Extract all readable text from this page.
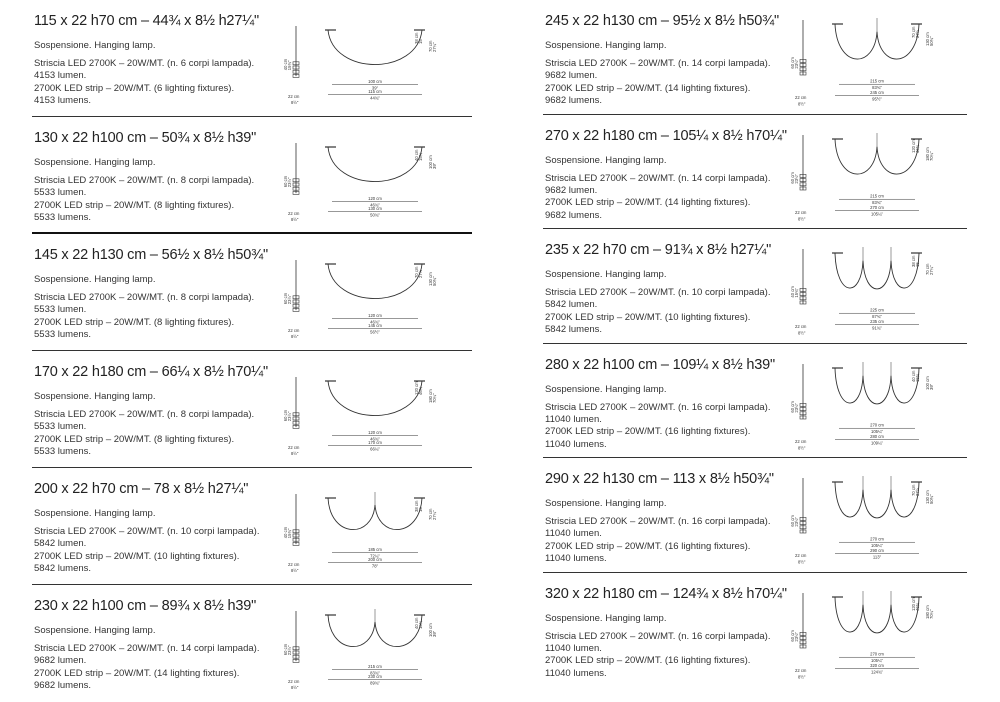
115 x 22 h70 cm – 44¾ x 8½ h27¼"
Sospensione. Hanging lamp.
Striscia LED 2700K – 20W/MT. (n. 6 corpi lampada).
4153 lumen.
2700K LED strip – 20W/MT. (6 lighting fixtures).
4153 lumens.
40 cm 15¾"
22 cm
8½"
100 cm
39"
115 cm
44¾"
38 cm 15 70 cm 27¼"
130 x 22 h100 cm – 50¾ x 8½ h39"
Sospensione. Hanging lamp.
Striscia LED 2700K – 20W/MT. (n. 8 corpi lampada).
5533 lumen.
2700K LED strip – 20W/MT. (8 lighting fixtures).
5533 lumens.
60 cm 23½"
22 cm
8½"
120 cm
46¾"
130 cm
50¾"
40 cm 15¾ 100 cm 39"
145 x 22 h130 cm – 56½ x 8½ h50¾"
Sospensione. Hanging lamp.
Striscia LED 2700K – 20W/MT. (n. 8 corpi lampada).
5533 lumen.
2700K LED strip – 20W/MT. (8 lighting fixtures).
5533 lumens.
60 cm 23½"
22 cm
8½"
120 cm
46¾"
145 cm
56½"
70 cm 27½ 130 cm 50¾"
170 x 22 h180 cm – 66¼ x 8½ h70¼"
Sospensione. Hanging lamp.
Striscia LED 2700K – 20W/MT. (n. 8 corpi lampada).
5533 lumen.
2700K LED strip – 20W/MT. (8 lighting fixtures).
5533 lumens.
60 cm 23½"
22 cm
8½"
120 cm
46¾"
170 cm
66¼"
120 cm 46¾ 180 cm 70¼"
200 x 22 h70 cm – 78 x 8½ h27¼"
Sospensione. Hanging lamp.
Striscia LED 2700K – 20W/MT. (n. 10 corpi lampada).
5842 lumen.
2700K LED strip – 20W/MT. (10 lighting fixtures).
5842 lumens.
40 cm 15¾"
22 cm
8½"
185 cm
72¼"
200 cm
78"
38 cm 15 70 cm 27¼"
230 x 22 h100 cm – 89¾ x 8½ h39"
Sospensione. Hanging lamp.
Striscia LED 2700K – 20W/MT. (n. 14 corpi lampada).
9682 lumen.
2700K LED strip – 20W/MT. (14 lighting fixtures).
9682 lumens.
60 cm 23½"
22 cm
8½"
215 cm
83¾"
230 cm
89¾"
40 cm 15¾ 100 cm 39"
245 x 22 h130 cm – 95½ x 8½ h50¾"
Sospensione. Hanging lamp.
Striscia LED 2700K – 20W/MT. (n. 14 corpi lampada).
9682 lumen.
2700K LED strip – 20W/MT. (14 lighting fixtures).
9682 lumens.
60 cm 23½"
22 cm
8½"
215 cm
83¾"
245 cm
95½"
70 cm 27½ 130 cm 50¾"
270 x 22 h180 cm – 105¼ x 8½ h70¼"
Sospensione. Hanging lamp.
Striscia LED 2700K – 20W/MT. (n. 14 corpi lampada).
9682 lumen.
2700K LED strip – 20W/MT. (14 lighting fixtures).
9682 lumens.
60 cm 23½"
22 cm
8½"
215 cm
83¾"
270 cm
105¼"
120 cm 46¾ 180 cm 70¼"
235 x 22 h70 cm – 91¾ x 8½ h27¼"
Sospensione. Hanging lamp.
Striscia LED 2700K – 20W/MT. (n. 10 corpi lampada).
5842 lumen.
2700K LED strip – 20W/MT. (10 lighting fixtures).
5842 lumens.
40 cm 15¾"
22 cm
8½"
225 cm
87¾"
235 cm
91¾"
38 cm 15 70 cm 27¼"
280 x 22 h100 cm – 109¼ x 8½ h39"
Sospensione. Hanging lamp.
Striscia LED 2700K – 20W/MT. (n. 16 corpi lampada).
11040 lumen.
2700K LED strip – 20W/MT. (16 lighting fixtures).
11040 lumens.
60 cm 23½"
22 cm
8½"
270 cm
105¼"
280 cm
109¼"
40 cm 15¾ 100 cm 39"
290 x 22 h130 cm – 113 x 8½ h50¾"
Sospensione. Hanging lamp.
Striscia LED 2700K – 20W/MT. (n. 16 corpi lampada).
11040 lumen.
2700K LED strip – 20W/MT. (16 lighting fixtures).
11040 lumens.
60 cm 23½"
22 cm
8½"
270 cm
105¼"
290 cm
113"
70 cm 27½ 130 cm 50¾"
320 x 22 h180 cm – 124¾ x 8½ h70¼"
Sospensione. Hanging lamp.
Striscia LED 2700K – 20W/MT. (n. 16 corpi lampada).
11040 lumen.
2700K LED strip – 20W/MT. (16 lighting fixtures).
11040 lumens.
60 cm 23½"
22 cm
8½"
270 cm
105¼"
320 cm
124¾"
120 cm 46¾ 180 cm 70¼"
